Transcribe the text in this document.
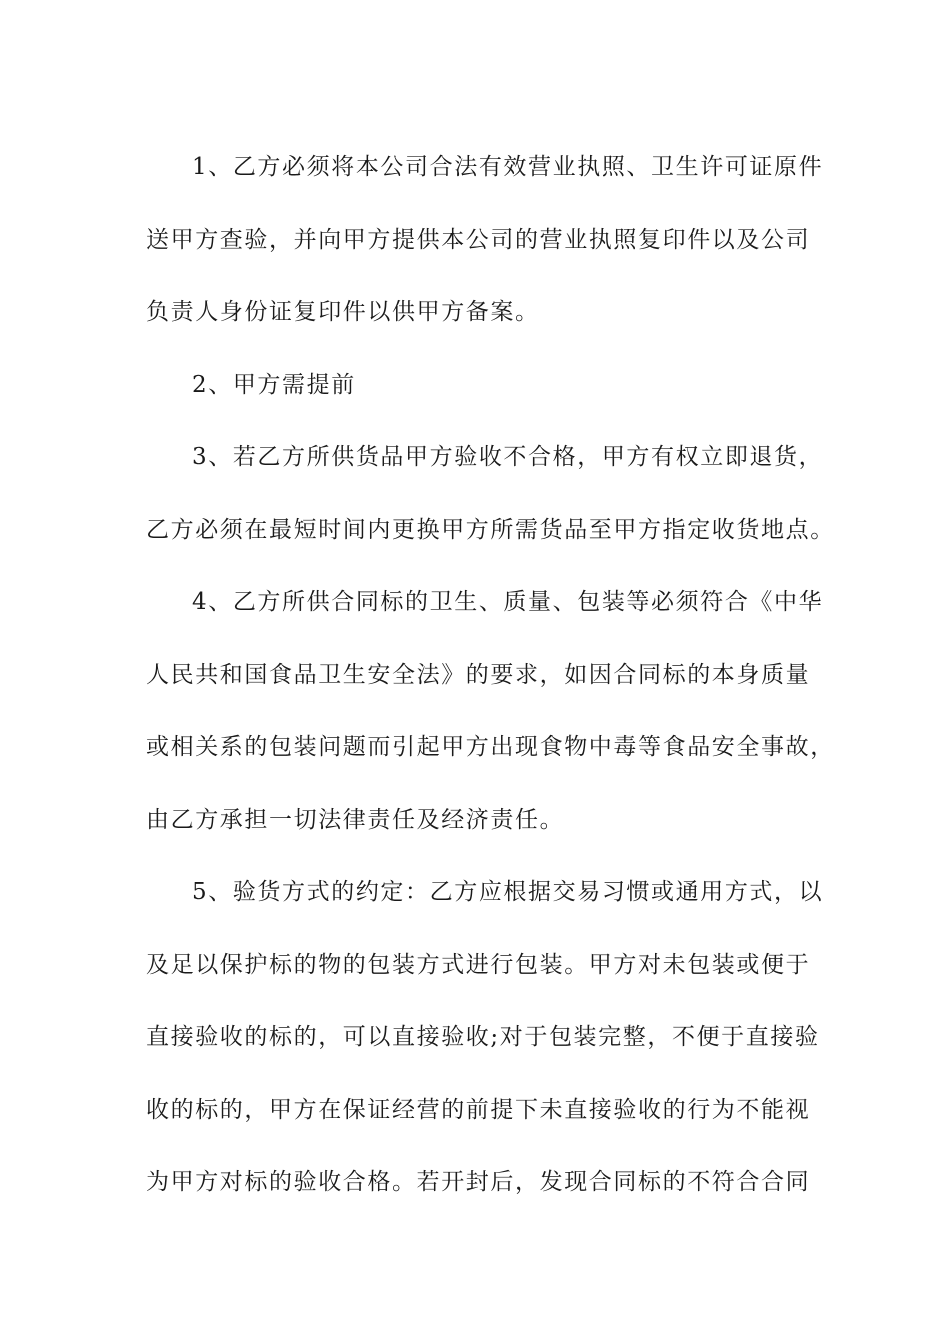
1、乙方必须将本公司合法有效营业执照、卫生许可证原件
送甲方查验，并向甲方提供本公司的营业执照复印件以及公司
负责人身份证复印件以供甲方备案。
2、甲方需提前
3、若乙方所供货品甲方验收不合格，甲方有权立即退货，
乙方必须在最短时间内更换甲方所需货品至甲方指定收货地点。
4、乙方所供合同标的卫生、质量、包装等必须符合《中华
人民共和国食品卫生安全法》的要求，如因合同标的本身质量
或相关系的包装问题而引起甲方出现食物中毒等食品安全事故，
由乙方承担一切法律责任及经济责任。
5、验货方式的约定：乙方应根据交易习惯或通用方式，以
及足以保护标的物的包装方式进行包装。甲方对未包装或便于
直接验收的标的，可以直接验收;对于包装完整，不便于直接验
收的标的，甲方在保证经营的前提下未直接验收的行为不能视
为甲方对标的验收合格。若开封后，发现合同标的不符合合同
